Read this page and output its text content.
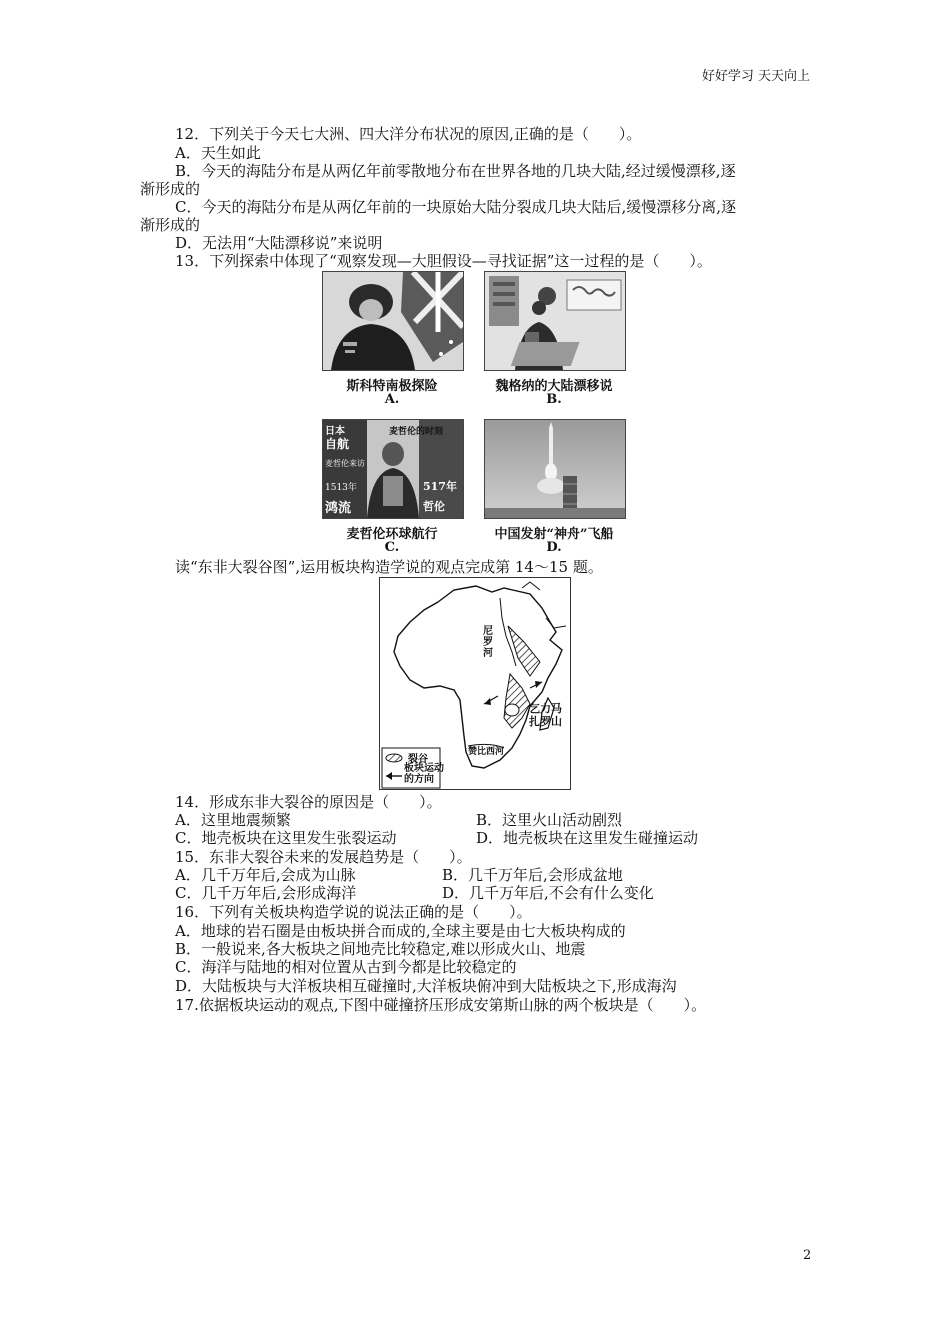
好好学习 天天向上
12．下列关于今天七大洲、四大洋分布状况的原因,正确的是（　　）。
A．天生如此
B．今天的海陆分布是从两亿年前零散地分布在世界各地的几块大陆,经过缓慢漂移,逐
渐形成的
C．今天的海陆分布是从两亿年前的一块原始大陆分裂成几块大陆后,缓慢漂移分离,逐
渐形成的
D．无法用“大陆漂移说”来说明
13．下列探索中体现了“观察发现—大胆假设—寻找证据”这一过程的是（　　）。
斯科特南极探险
A.
魏格纳的大陆漂移说
B.
日本
自航
麦哲伦来访
1513年
鸿流
517年
哲伦
麦哲伦的时刻
麦哲伦环球航行
C.
中国发射“神舟”飞船
D.
读“东非大裂谷图”,运用板块构造学说的观点完成第 14～15 题。
尼
罗
河
乞力马
扎罗山
赞比西河
裂谷
板块运动
的方向
14．形成东非大裂谷的原因是（　　）。
A．这里地震频繁	B．这里火山活动剧烈
C．地壳板块在这里发生张裂运动	D．地壳板块在这里发生碰撞运动
15．东非大裂谷未来的发展趋势是（　　）。
A．几千万年后,会成为山脉	B．几千万年后,会形成盆地
C．几千万年后,会形成海洋	D．几千万年后,不会有什么变化
16．下列有关板块构造学说的说法正确的是（　　）。
A．地球的岩石圈是由板块拼合而成的,全球主要是由七大板块构成的
B．一般说来,各大板块之间地壳比较稳定,难以形成火山、地震
C．海洋与陆地的相对位置从古到今都是比较稳定的
D．大陆板块与大洋板块相互碰撞时,大洋板块俯冲到大陆板块之下,形成海沟
17.依据板块运动的观点,下图中碰撞挤压形成安第斯山脉的两个板块是（　　）。
2
